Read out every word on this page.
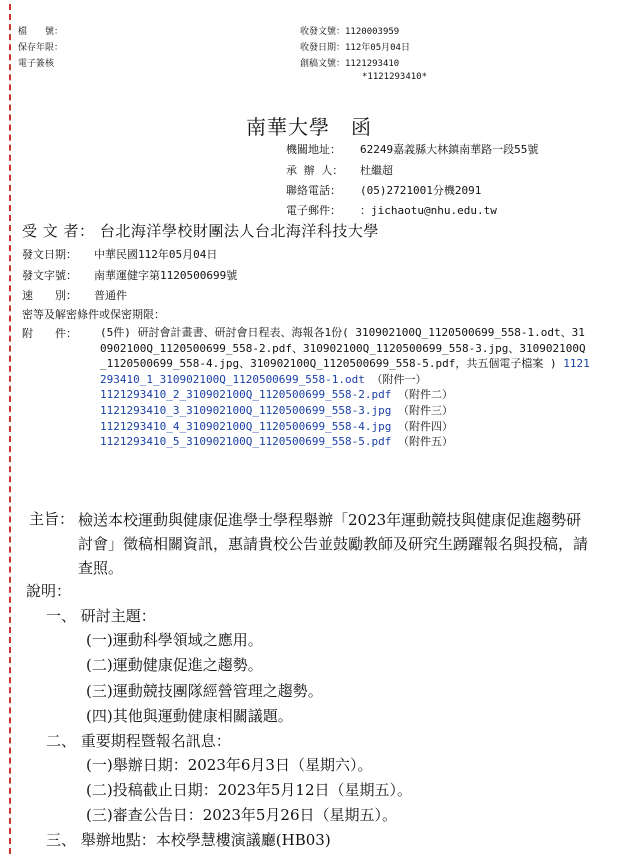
檔　　號：
保存年限：
電子簽核
收發文號：1120003959
收發日期：112年05月04日
創稿文號：1121293410
*1121293410*
南華大學　函
機關地址： 62249嘉義縣大林鎮南華路一段55號
承 辦 人： 杜繼超
聯絡電話： (05)2721001分機2091
電子郵件： ：jichaotu@nhu.edu.tw
受 文 者： 台北海洋學校財團法人台北海洋科技大學
發文日期： 中華民國112年05月04日
發文字號： 南華運健字第1120500699號
速　　別： 普通件
密等及解密條件或保密期限：
附　　件： (5件) 研討會計畫書、研討會日程表、海報各1份( 310902100Q_1120500699_558-1.odt、310902100Q_1120500699_558-2.pdf、310902100Q_1120500699_558-3.jpg、310902100Q_1120500699_558-4.jpg、310902100Q_1120500699_558-5.pdf，共五個電子檔案 ) 1121293410_1_310902100Q_1120500699_558-1.odt （附件一）
1121293410_2_310902100Q_1120500699_558-2.pdf （附件二）
1121293410_3_310902100Q_1120500699_558-3.jpg （附件三）
1121293410_4_310902100Q_1120500699_558-4.jpg （附件四）
1121293410_5_310902100Q_1120500699_558-5.pdf （附件五）
主旨： 檢送本校運動與健康促進學士學程舉辦「2023年運動競技與健康促進趨勢研討會」徵稿相關資訊，惠請貴校公告並鼓勵教師及研究生踴躍報名與投稿，請查照。
說明：
一、 研討主題：
(一)運動科學領域之應用。
(二)運動健康促進之趨勢。
(三)運動競技團隊經營管理之趨勢。
(四)其他與運動健康相關議題。
二、 重要期程暨報名訊息：
(一)舉辦日期：2023年6月3日（星期六）。
(二)投稿截止日期：2023年5月12日（星期五）。
(三)審查公告日：2023年5月26日（星期五）。
三、 舉辦地點：本校學慧樓演議廳(HB03)
